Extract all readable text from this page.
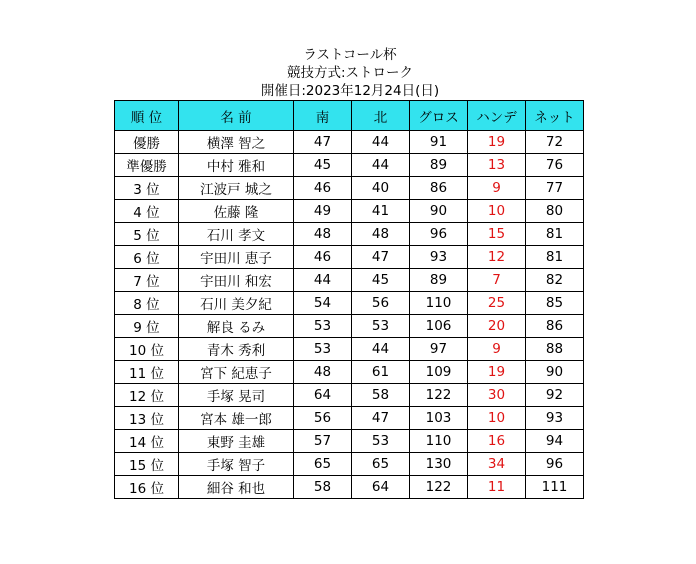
ラストコール杯
競技方式:ストローク
開催日:2023年12月24日(日)
順 位	名 前	南	北	グロス	ハンデ	ネット
優勝	横澤 智之	47	44	91	19	72
準優勝	中村 雅和	45	44	89	13	76
3 位	江波戸 城之	46	40	86	9	77
4 位	佐藤 隆	49	41	90	10	80
5 位	石川 孝文	48	48	96	15	81
6 位	宇田川 恵子	46	47	93	12	81
7 位	宇田川 和宏	44	45	89	7	82
8 位	石川 美夕紀	54	56	110	25	85
9 位	解良 るみ	53	53	106	20	86
10 位	青木 秀利	53	44	97	9	88
11 位	宮下 紀恵子	48	61	109	19	90
12 位	手塚 晃司	64	58	122	30	92
13 位	宮本 雄一郎	56	47	103	10	93
14 位	東野 圭雄	57	53	110	16	94
15 位	手塚 智子	65	65	130	34	96
16 位	細谷 和也	58	64	122	11	111
